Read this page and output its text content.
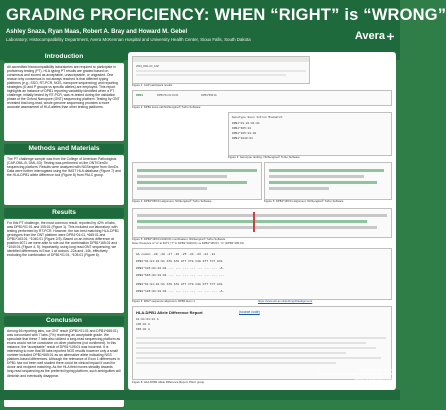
GRADING PROFICIENCY: WHEN “RIGHT” is “WRONG”
Ashley Snaza, Ryan Maas, Robert A. Bray and Howard M. Gebel
Laboratory: Histocompatibility Department, Avera McKennan Hospital and University Health Center, Sioux Falls, South Dakota	Avera
Introduction
All accredited histocompatibility laboratories are required to participate in proficiency testing (PT). HLA typing PT results are graded based on consensus and scored as acceptable, unacceptable, or ungraded. One reason why consensus is not always reached is that different typing platforms (e.g., SSO, RT-PCR, NGS, nanopore sequencing) and reporting strategies (G and P groups vs specific alleles) are employed. This report highlights an instance of DPB1 reporting variability identified when a PT challenge, initially tested by RT-PCR, was re-tested during the validation phase of the Oxford Nanopore (ONT) sequencing platform. Testing by ONT revealed that long-read, whole genome sequencing provides a more accurate assessment of HLA alleles than other testing platforms.
Methods and Materials
The PT challenge sample was from the College of American Pathologists (CAP-DML-B, DML-03). Testing was performed on the ONT/GenDx sequencing platform. Results were analyzed with NGSengine from GenDx. Data were further interrogated using the IMGT HLA database (Figure 7) and the HLA-DPB1 allele difference tool (Figure 8) from PALC group.
Results
For this PT challenge, the most common result, reported by 42% of labs, was DPB1*01:01 and 105:01 (Figure 1). This included our laboratory, with testing performed by RT-PCR. However, the two best matching HLA-DPB1 genotypes from the ONT platform were DPB1*01:01, *665:01 and DPB1*163:01, *1040:01 (Figure 2/3). Based on an intronic difference at position 6071 we were able to rule out the combination DPB1*165:01 and *1040:01 (Figure 4, 5). Importantly, using long read ONT sequencing, we identified differences in Exon 1 at codons -22a and -14b, effectively excluding the combination of DPB1*01:01, *105:01 (Figure 6).
Conclusion
Among 66 reporting labs, our ONT result (DPB1*01:01 and DPB1*665:01) was concordant with 7 labs (7%) receiving an acceptable grade. We speculate that these 7 labs also utilized a long-read sequencing platform as exons would not be conclusive on other platforms (not confirmed). In this instance, the “acceptable” result of DPB1*105:01 was incorrect. It is interesting to note that 55 labs reported NGS results however only a small number included DPB1*665:01 as an alternative allele indicating NGS platform-based differences. Although the relevance of Exon 1 differences in DPB1 has not been well studied there could be clinical impact if used for donor and recipient matching. As the HLA field moves steadily towards long-read sequencing as the preferred typing platform, such ambiguities will diminish and eventually disappear.
2024_DML-03_CAP
Figure 1: CAP participant results
DPB1	DPB1*01:01:01:01	DPB1*665:01
Figure 2: DPB1 locus call NGSengine® Turbo Software
Genotype Exon Intron Mismatch
DPB1*01:01:01:01
DPB1*665:01
DPB1*165:01:01
DPB1*1040:01
Figure 3: Genotype ranking, NGSengine® Turbo Software
Figure 4: DPB1*665:01 alignment, NGSengine® Turbo Software	Figure 5: DPB1*165:01 alignment, NGSengine® Turbo Software
Figure 5: DPB1*165:01/1040:01 combination, NGSengine® Turbo Software
Note: Presence of “A” at 6071 (“T” in DPB1*1040:01) vs DPB1*165:01, “G” (DPB1*165:01)
AA codon -29 -28 -27 -26 -25 -24 -23 -22 -21
DPB1*01:01:01:01 ATG ATG GTT CTG CAG GTT TCT GCG
DPB1*105:01:01:01 --- --- --- --- --- --- --- -A-
DPB1*665:01:01:01 --- --- --- --- --- --- --- ---
DPB1*01:01:01:01 ATG ATG GTT CTG CAG GTT TCT GCG
DPB1*105:01:01:01 --- --- --- --- --- --- --- -A-
Figure 6: IMGT sequence alignment, DPB1 Exon 1	https://www.ebi.ac.uk/ipd/imgt/hla/alignment
HLA-DPB1 Allele Difference Report	(source code)
01:01:01:01 A
105:01 G
665:01 A
Figure 8: HLA-DPB1 Allele Difference Report, PALC group
Contact: Ashley Snaza
Avera McKennan Hospital and University Center
ashley.snaza@avera.org
